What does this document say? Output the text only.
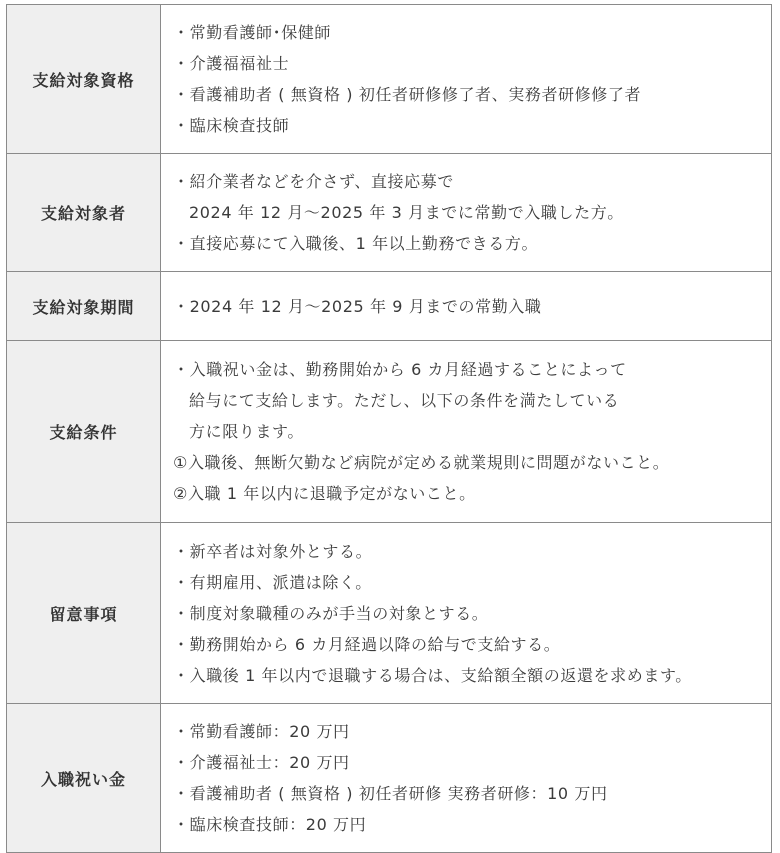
支給対象資格	・ 常勤看護師･保健師
・ 介護福福祉士
・ 看護補助者 ( 無資格 ) 初任者研修修了者、実務者研修修了者
・ 臨床検査技師

支給対象者	・ 紹介業者などを介さず、直接応募で
2024 年 12 月～2025 年 3 月までに常勤で入職した方。
・ 直接応募にて入職後、1 年以上勤務できる方。

支給対象期間	・ 2024 年 12 月～2025 年 9 月までの常勤入職

支給条件	・ 入職祝い金は、勤務開始から 6 カ月経過することによって
給与にて支給します。ただし、以下の条件を満たしている
方に限ります。
①入職後、無断欠勤など病院が定める就業規則に問題がないこと。
②入職 1 年以内に退職予定がないこと。

留意事項	・ 新卒者は対象外とする。
・ 有期雇用、派遣は除く。
・ 制度対象職種のみが手当の対象とする。
・ 勤務開始から 6 カ月経過以降の給与で支給する。
・ 入職後 1 年以内で退職する場合は、支給額全額の返還を求めます。

入職祝い金	・ 常勤看護師：20 万円
・ 介護福祉士：20 万円
・ 看護補助者 ( 無資格 ) 初任者研修 実務者研修：10 万円
・ 臨床検査技師：20 万円
